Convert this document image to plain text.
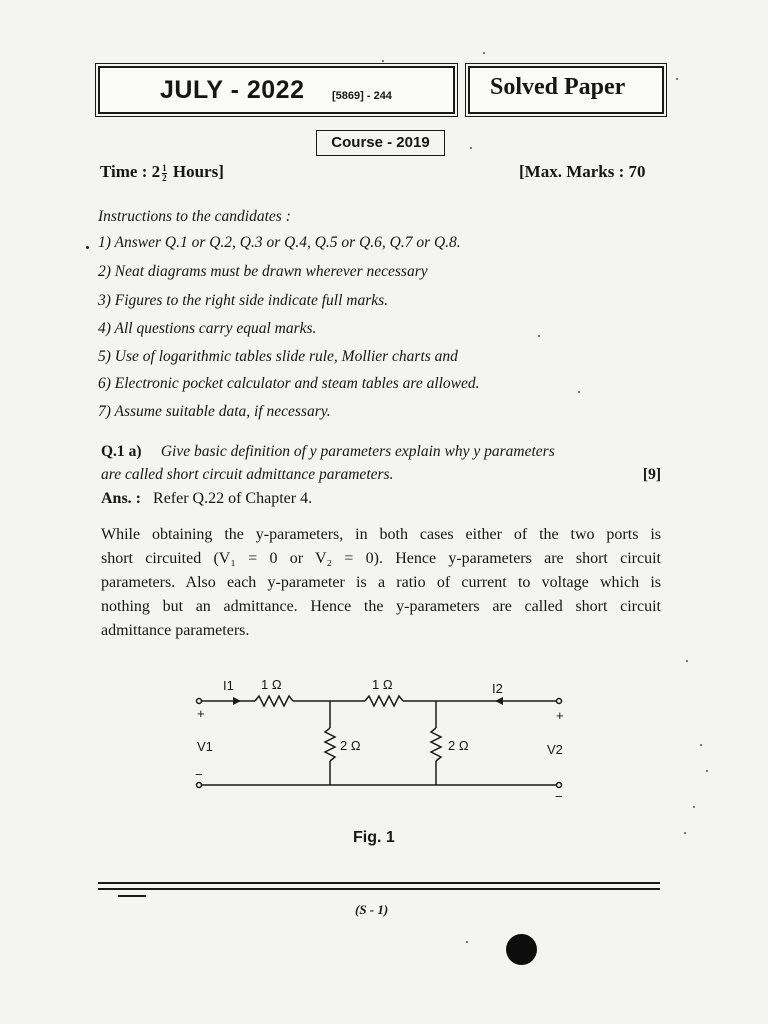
JULY - 2022	[5869] - 244	Solved Paper
Course - 2019
Time : $2 \frac{1}{2}$ Hours]	[Max. Marks : 70
Instructions to the candidates :
1) Answer Q.1 or Q.2, Q.3 or Q.4, Q.5 or Q.6, Q.7 or Q.8.
2) Neat diagrams must be drawn wherever necessary
3) Figures to the right side indicate full marks.
4) All questions carry equal marks.
5) Use of logarithmic tables slide rule, Mollier charts and
6) Electronic pocket calculator and steam tables are allowed.
7) Assume suitable data, if necessary.
Q.1 a) Give basic definition of y parameters explain why y parameters
are called short circuit admittance parameters.	[9]
Ans. : Refer Q.22 of Chapter 4.
While obtaining the y-parameters, in both cases either of the two ports is
short circuited (V₁ = 0 or V₂ = 0). Hence y-parameters are short circuit
parameters. Also each y-parameter is a ratio of current to voltage which is
nothing but an admittance. Hence the y-parameters are called short circuit
admittance parameters.
I1 1 Ω	1 Ω	I2
2 Ω	2 Ω
+
V1
−
+
V2
−
Fig. 1
(S - 1)
